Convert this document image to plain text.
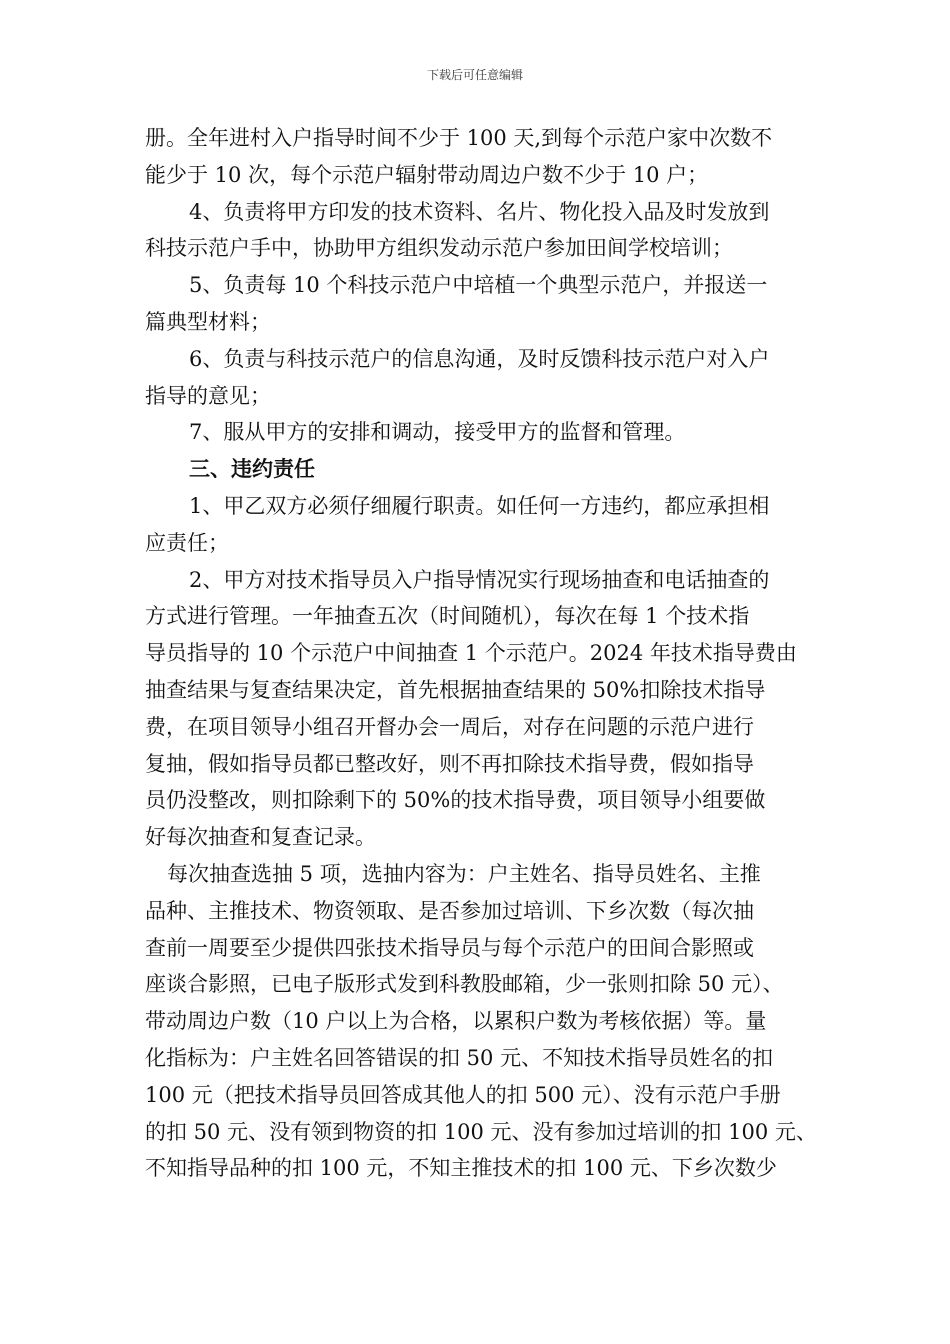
下载后可任意编辑
册。全年进村入户指导时间不少于 100 天,到每个示范户家中次数不
能少于 10 次，每个示范户辐射带动周边户数不少于 10 户；
4、负责将甲方印发的技术资料、名片、物化投入品及时发放到
科技示范户手中，协助甲方组织发动示范户参加田间学校培训；
5、负责每 10 个科技示范户中培植一个典型示范户，并报送一
篇典型材料；
6、负责与科技示范户的信息沟通，及时反馈科技示范户对入户
指导的意见；
7、服从甲方的安排和调动，接受甲方的监督和管理。
三、违约责任
1、甲乙双方必须仔细履行职责。如任何一方违约，都应承担相
应责任；
2、甲方对技术指导员入户指导情况实行现场抽查和电话抽查的
方式进行管理。一年抽查五次（时间随机），每次在每 1 个技术指
导员指导的 10 个示范户中间抽查 1 个示范户。2024 年技术指导费由
抽查结果与复查结果决定，首先根据抽查结果的 50%扣除技术指导
费，在项目领导小组召开督办会一周后，对存在问题的示范户进行
复抽，假如指导员都已整改好，则不再扣除技术指导费，假如指导
员仍没整改，则扣除剩下的 50%的技术指导费，项目领导小组要做
好每次抽查和复查记录。
每次抽查选抽 5 项，选抽内容为：户主姓名、指导员姓名、主推
品种、主推技术、物资领取、是否参加过培训、下乡次数（每次抽
查前一周要至少提供四张技术指导员与每个示范户的田间合影照或
座谈合影照，已电子版形式发到科教股邮箱，少一张则扣除 50 元）、
带动周边户数（10 户以上为合格，以累积户数为考核依据）等。量
化指标为：户主姓名回答错误的扣 50 元、不知技术指导员姓名的扣
100 元（把技术指导员回答成其他人的扣 500 元）、没有示范户手册
的扣 50 元、没有领到物资的扣 100 元、没有参加过培训的扣 100 元、
不知指导品种的扣 100 元，不知主推技术的扣 100 元、下乡次数少
